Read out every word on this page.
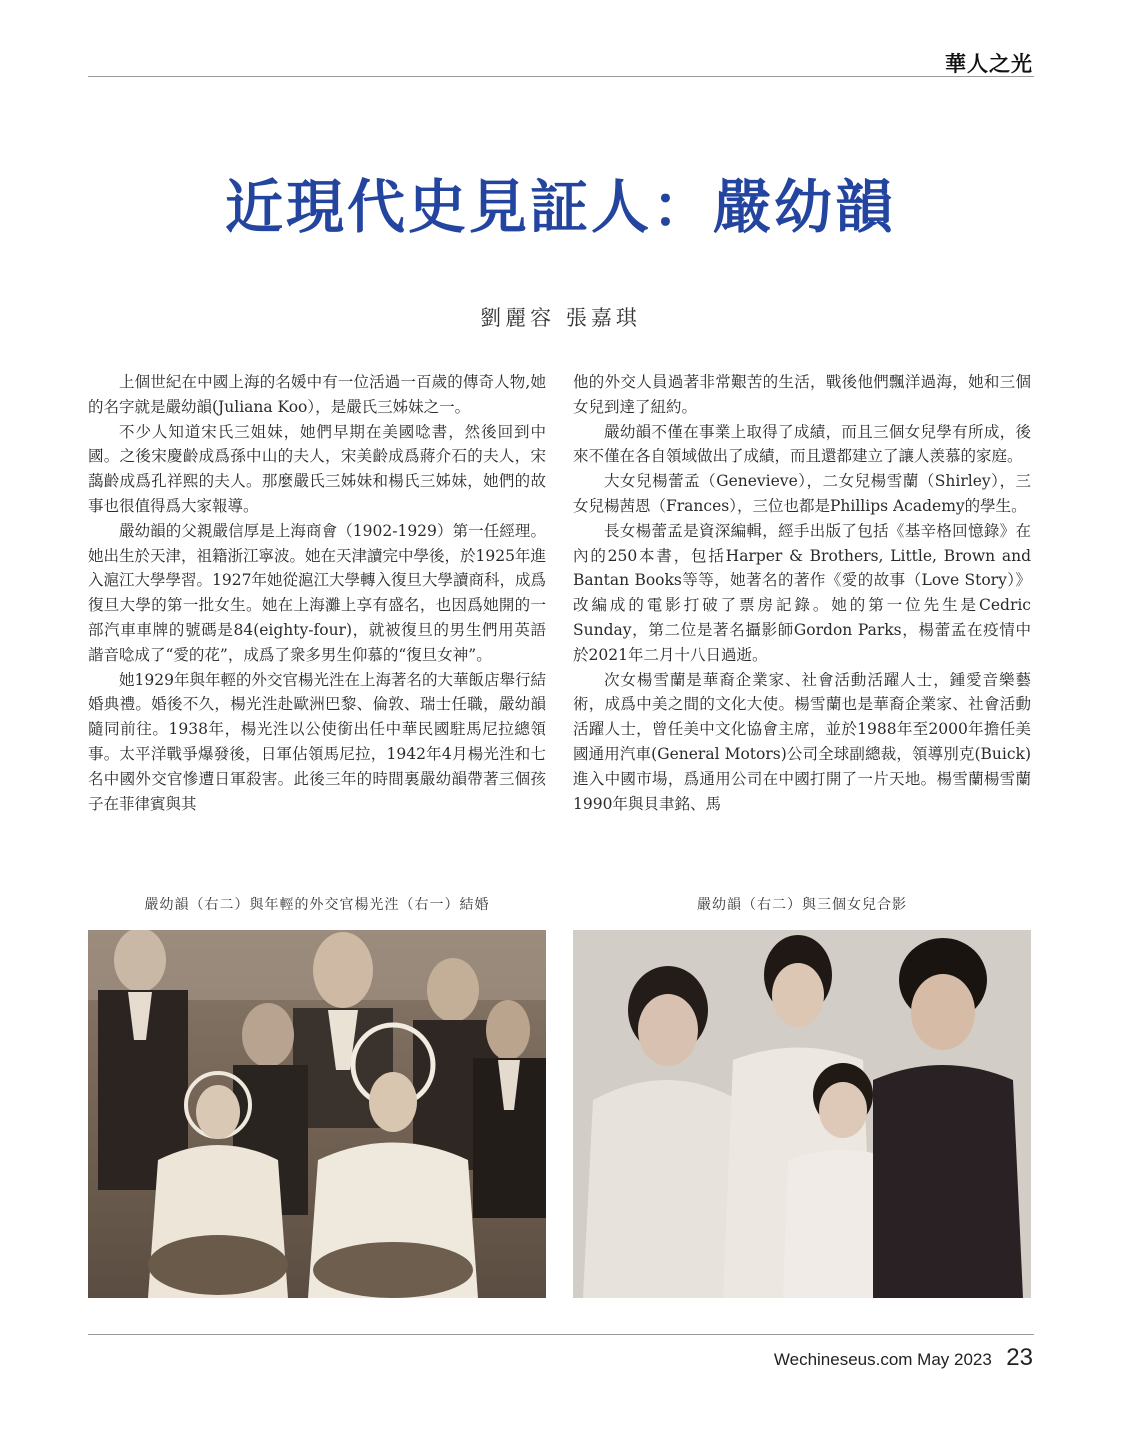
華人之光
近現代史見証人：嚴幼韻
劉麗容 張嘉琪

上個世紀在中國上海的名媛中有一位活過一百歲的傳奇人物,她的名字就是嚴幼韻(Juliana Koo），是嚴氏三姊妹之一。

不少人知道宋氏三姐妹，她們早期在美國唸書，然後回到中國。之後宋慶齡成爲孫中山的夫人，宋美齡成爲蔣介石的夫人，宋藹齡成爲孔祥熙的夫人。那麼嚴氏三姊妹和楊氏三姊妹，她們的故事也很值得爲大家報導。

嚴幼韻的父親嚴信厚是上海商會（1902-1929）第一任經理。她出生於天津，祖籍浙江寧波。她在天津讀完中學後，於1925年進入滬江大學學習。1927年她從滬江大學轉入復旦大學讀商科，成爲復旦大學的第一批女生。她在上海灘上享有盛名，也因爲她開的一部汽車車牌的號碼是84(eighty-four)，就被復旦的男生們用英語諧音唸成了“愛的花”，成爲了衆多男生仰慕的“復旦女神”。

她1929年與年輕的外交官楊光泩在上海著名的大華飯店舉行結婚典禮。婚後不久，楊光泩赴歐洲巴黎、倫敦、瑞士任職，嚴幼韻隨同前往。1938年，楊光泩以公使銜出任中華民國駐馬尼拉總領事。太平洋戰爭爆發後，日軍佔領馬尼拉，1942年4月楊光泩和七名中國外交官慘遭日軍殺害。此後三年的時間裏嚴幼韻帶著三個孩子在菲律賓與其

他的外交人員過著非常艱苦的生活，戰後他們飄洋過海，她和三個女兒到達了紐約。

嚴幼韻不僅在事業上取得了成績，而且三個女兒學有所成，後來不僅在各自領域做出了成績，而且還都建立了讓人羡慕的家庭。

大女兒楊蕾孟（Genevieve），二女兒楊雪蘭（Shirley），三女兒楊茜恩（Frances），三位也都是Phillips Academy的學生。

長女楊蕾孟是資深編輯，經手出版了包括《基辛格回憶錄》在內的250本書，包括Harper & Brothers, Little, Brown and Bantan Books等等，她著名的著作《愛的故事（Love Story）》改編成的電影打破了票房記錄。她的第一位先生是Cedric Sunday，第二位是著名攝影師Gordon Parks，楊蕾孟在疫情中於2021年二月十八日過逝。

次女楊雪蘭是華裔企業家、社會活動活躍人士，鍾愛音樂藝術，成爲中美之間的文化大使。楊雪蘭也是華裔企業家、社會活動活躍人士，曾任美中文化協會主席，並於1988年至2000年擔任美國通用汽車(General Motors)公司全球副總裁，領導別克(Buick)進入中國市場，爲通用公司在中國打開了一片天地。楊雪蘭楊雪蘭1990年與貝聿銘、馬

嚴幼韻（右二）與年輕的外交官楊光泩（右一）結婚	嚴幼韻（右二）與三個女兒合影
Wechineseus.com May 2023 23
